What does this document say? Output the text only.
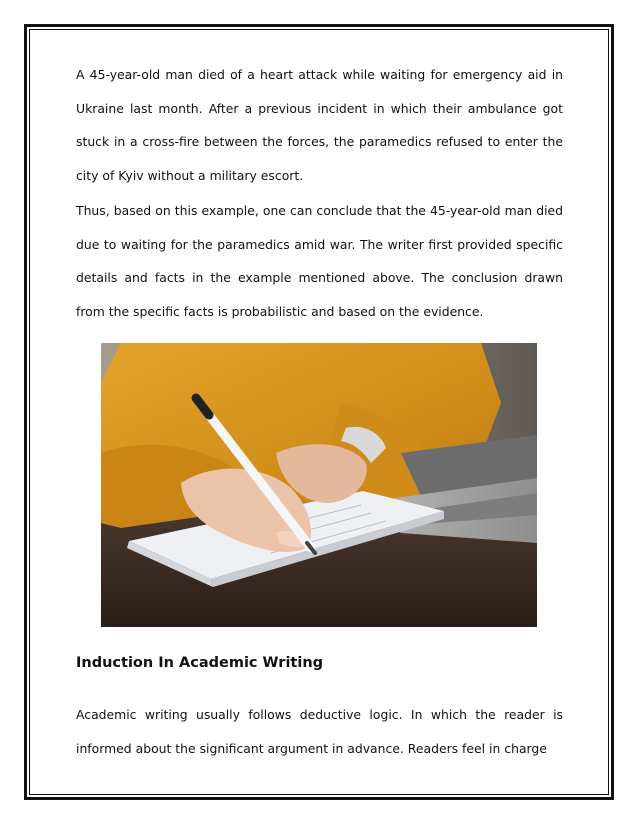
A 45-year-old man died of a heart attack while waiting for emergency aid in Ukraine last month. After a previous incident in which their ambulance got stuck in a cross-fire between the forces, the paramedics refused to enter the city of Kyiv without a military escort.

Thus, based on this example, one can conclude that the 45-year-old man died due to waiting for the paramedics amid war. The writer first provided specific details and facts in the example mentioned above. The conclusion drawn from the specific facts is probabilistic and based on the evidence.

Induction In Academic Writing

Academic writing usually follows deductive logic. In which the reader is informed about the significant argument in advance. Readers feel in charge
